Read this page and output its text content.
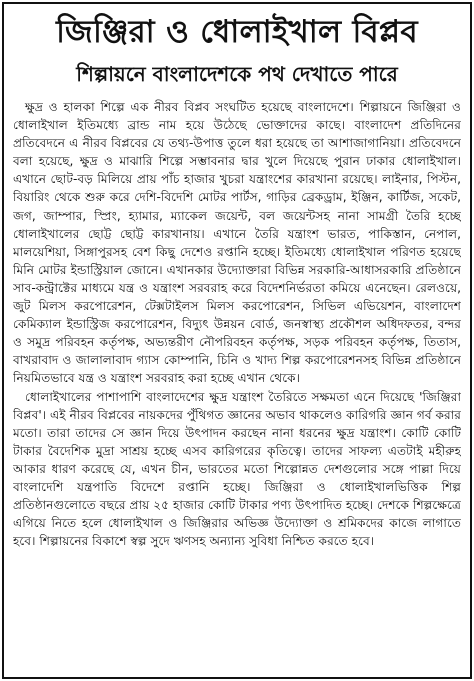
জিঞ্জিরা ও ধোলাইখাল বিপ্লব
শিল্পায়নে বাংলাদেশকে পথ দেখাতে পারে

ক্ষুদ্র ও হালকা শিল্পে এক নীরব বিপ্লব সংঘটিত হয়েছে বাংলাদেশে। শিল্পায়নে জিঞ্জিরা ও ধোলাইখাল ইতিমধ্যে ব্রান্ড নাম হয়ে উঠেছে ভোক্তাদের কাছে। বাংলাদেশ প্রতিদিনের প্রতিবেদনে এ নীরব বিপ্লবের যে তথ্য-উপাত্ত তুলে ধরা হয়েছে তা আশাজাগানিয়া। প্রতিবেদনে বলা হয়েছে, ক্ষুদ্র ও মাঝারি শিল্পে সম্ভাবনার দ্বার খুলে দিয়েছে পুরান ঢাকার ধোলাইখাল। এখানে ছোট-বড় মিলিয়ে প্রায় পাঁচ হাজার খুচরা যন্ত্রাংশের কারখানা রয়েছে। লাইনার, পিস্টন, বিয়ারিং থেকে শুরু করে দেশি-বিদেশি মোটর পার্টস, গাড়ির ব্রেকড্রাম, ইঞ্জিন, কার্টিজ, সকেট, জগ, জাম্পার, স্প্রিং, হ্যামার, ম্যাকেল জয়েন্ট, বল জয়েন্টসহ নানা সামগ্রী তৈরি হচ্ছে ধোলাইখালের ছোট্ট ছোট্ট কারখানায়। এখানে তৈরি যন্ত্রাংশ ভারত, পাকিস্তান, নেপাল, মালয়েশিয়া, সিঙ্গাপুরসহ বেশ কিছু দেশেও রপ্তানি হচ্ছে। ইতিমধ্যে ধোলাইখাল পরিণত হয়েছে মিনি মোটর ইন্ডাস্ট্রিয়াল জোনে। এখানকার উদ্যোক্তারা বিভিন্ন সরকারি-আধাসরকারি প্রতিষ্ঠানে সাব-কন্ট্রাক্টের মাধ্যমে যন্ত্র ও যন্ত্রাংশ সরবরাহ করে বিদেশনির্ভরতা কমিয়ে এনেছেন। রেলওয়ে, জুট মিলস করপোরেশন, টেক্সটাইলস মিলস করপোরেশন, সিভিল এভিয়েশন, বাংলাদেশ কেমিক্যাল ইন্ডাস্ট্রিজ করপোরেশন, বিদ্যুৎ উন্নয়ন বোর্ড, জনস্বাস্থ্য প্রকৌশল অধিদফতর, বন্দর ও সমুদ্র পরিবহন কর্তৃপক্ষ, অভ্যন্তরীণ নৌপরিবহন কর্তৃপক্ষ, সড়ক পরিবহন কর্তৃপক্ষ, তিতাস, বাখরাবাদ ও জালালাবাদ গ্যাস কোম্পানি, চিনি ও খাদ্য শিল্প করপোরেশনসহ বিভিন্ন প্রতিষ্ঠানে নিয়মিতভাবে যন্ত্র ও যন্ত্রাংশ সরবরাহ করা হচ্ছে এখান থেকে।

ধোলাইখালের পাশাপাশি বাংলাদেশের ক্ষুদ্র যন্ত্রাংশ তৈরিতে সক্ষমতা এনে দিয়েছে 'জিঞ্জিরা বিপ্লব'। এই নীরব বিপ্লবের নায়কদের পুঁথিগত জ্ঞানের অভাব থাকলেও কারিগরি জ্ঞান গর্ব করার মতো। তারা তাদের সে জ্ঞান দিয়ে উৎপাদন করছেন নানা ধরনের ক্ষুদ্র যন্ত্রাংশ। কোটি কোটি টাকার বৈদেশিক মুদ্রা সাশ্রয় হচ্ছে এসব কারিগরের কৃতিত্বে। তাদের সাফল্য এতটাই মহীরুহ আকার ধারণ করেছে যে, এখন চীন, ভারতের মতো শিল্পোন্নত দেশগুলোর সঙ্গে পাল্লা দিয়ে বাংলাদেশি যন্ত্রপাতি বিদেশে রপ্তানি হচ্ছে। জিঞ্জিরা ও ধোলাইখালভিত্তিক শিল্প প্রতিষ্ঠানগুলোতে বছরে প্রায় ২৫ হাজার কোটি টাকার পণ্য উৎপাদিত হচ্ছে। দেশকে শিল্পক্ষেত্রে এগিয়ে নিতে হলে ধোলাইখাল ও জিঞ্জিরার অভিজ্ঞ উদ্যোক্তা ও শ্রমিকদের কাজে লাগাতে হবে। শিল্পায়নের বিকাশে স্বল্প সুদে ঋণসহ অন্যান্য সুবিধা নিশ্চিত করতে হবে।
